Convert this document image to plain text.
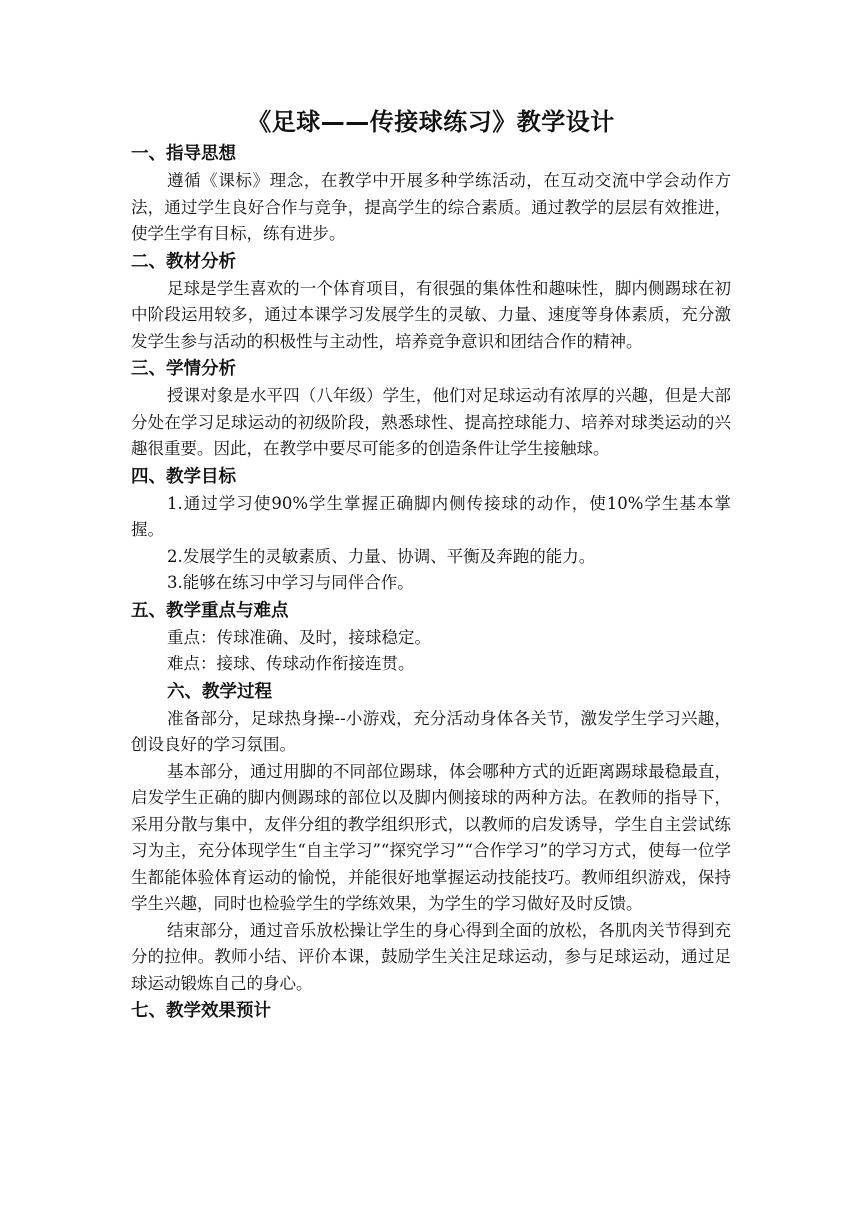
《足球——传接球练习》教学设计
一、指导思想
遵循《课标》理念，在教学中开展多种学练活动，在互动交流中学会动作方法，通过学生良好合作与竞争，提高学生的综合素质。通过教学的层层有效推进，使学生学有目标，练有进步。
二、教材分析
足球是学生喜欢的一个体育项目，有很强的集体性和趣味性，脚内侧踢球在初中阶段运用较多，通过本课学习发展学生的灵敏、力量、速度等身体素质，充分激发学生参与活动的积极性与主动性，培养竞争意识和团结合作的精神。
三、学情分析
授课对象是水平四（八年级）学生，他们对足球运动有浓厚的兴趣，但是大部分处在学习足球运动的初级阶段，熟悉球性、提高控球能力、培养对球类运动的兴趣很重要。因此，在教学中要尽可能多的创造条件让学生接触球。
四、教学目标
1.通过学习使90%学生掌握正确脚内侧传接球的动作，使10%学生基本掌握。
2.发展学生的灵敏素质、力量、协调、平衡及奔跑的能力。
3.能够在练习中学习与同伴合作。
五、教学重点与难点
重点：传球准确、及时，接球稳定。
难点：接球、传球动作衔接连贯。
六、教学过程
准备部分，足球热身操--小游戏，充分活动身体各关节，激发学生学习兴趣，创设良好的学习氛围。
基本部分，通过用脚的不同部位踢球，体会哪种方式的近距离踢球最稳最直，启发学生正确的脚内侧踢球的部位以及脚内侧接球的两种方法。在教师的指导下，采用分散与集中，友伴分组的教学组织形式，以教师的启发诱导，学生自主尝试练习为主，充分体现学生“自主学习”“探究学习”“合作学习”的学习方式，使每一位学生都能体验体育运动的愉悦，并能很好地掌握运动技能技巧。教师组织游戏，保持学生兴趣，同时也检验学生的学练效果，为学生的学习做好及时反馈。
结束部分，通过音乐放松操让学生的身心得到全面的放松，各肌肉关节得到充分的拉伸。教师小结、评价本课，鼓励学生关注足球运动，参与足球运动，通过足球运动锻炼自己的身心。
七、教学效果预计
